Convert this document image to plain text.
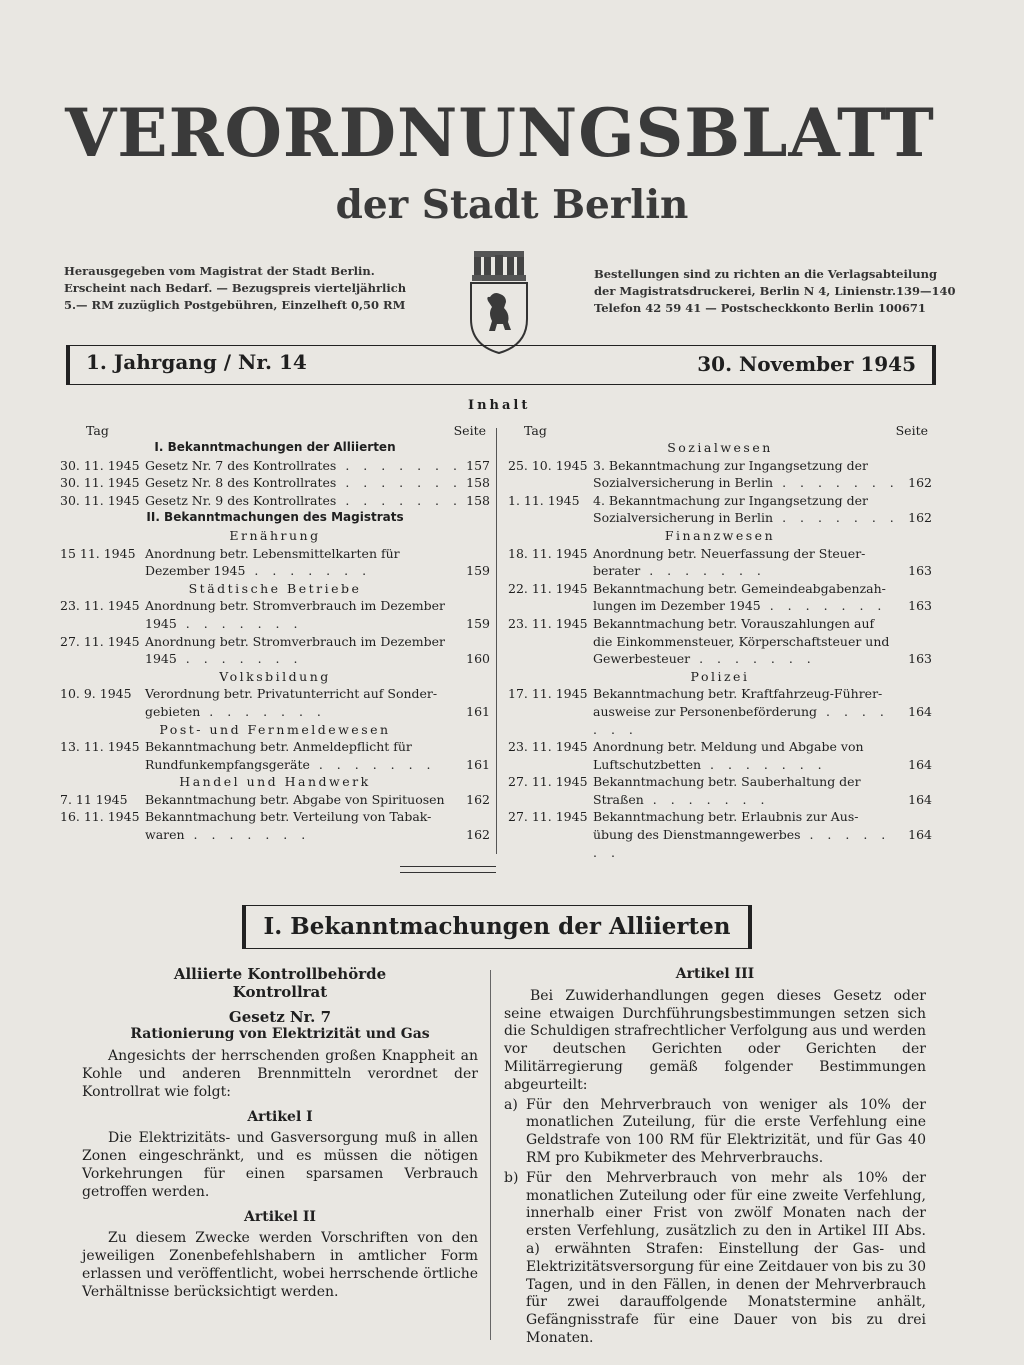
VERORDNUNGSBLATT
der Stadt Berlin
Herausgegeben vom Magistrat der Stadt Berlin.
Erscheint nach Bedarf. — Bezugspreis vierteljährlich
5.— RM zuzüglich Postgebühren, Einzelheft 0,50 RM
Bestellungen sind zu richten an die Verlagsabteilung
der Magistratsdruckerei, Berlin N 4, Linienstr.139—140
Telefon 42 59 41 — Postscheckkonto Berlin 100671
1. Jahrgang / Nr. 14	30. November 1945
Inhalt
Tag	Seite
I. Bekanntmachungen der Alliierten
30. 11. 1945 Gesetz Nr. 7 des Kontrollrates . . . . . . . 157
30. 11. 1945 Gesetz Nr. 8 des Kontrollrates . . . . . . . 158
30. 11. 1945 Gesetz Nr. 9 des Kontrollrates . . . . . . . 158
II. Bekanntmachungen des Magistrats
Ernährung
15 11. 1945 Anordnung betr. Lebensmittelkarten für
Dezember 1945 . . . . . . .	159
Städtische Betriebe
23. 11. 1945 Anordnung betr. Stromverbrauch im Dezember
1945 . . . . . . .	159
27. 11. 1945 Anordnung betr. Stromverbrauch im Dezember
1945 . . . . . . .	160
Volksbildung
10. 9. 1945	Verordnung betr. Privatunterricht auf Sonder-
gebieten . . . . . . .	161
Post- und Fernmeldewesen
13. 11. 1945 Bekanntmachung betr. Anmeldepflicht für
Rundfunkempfangsgeräte . . . . . . .	161
Handel und Handwerk
7. 11 1945	Bekanntmachung betr. Abgabe von Spirituosen	162
16. 11. 1945 Bekanntmachung betr. Verteilung von Tabak-
waren . . . . . . .	162
Tag	Seite
Sozialwesen
25. 10. 1945 3. Bekanntmachung zur Ingangsetzung der
Sozialversicherung in Berlin . . . . . . . 162
1. 11. 1945	4. Bekanntmachung zur Ingangsetzung der
Sozialversicherung in Berlin . . . . . . . 162
Finanzwesen
18. 11. 1945 Anordnung betr. Neuerfassung der Steuer-
berater . . . . . . .	163
22. 11. 1945 Bekanntmachung betr. Gemeindeabgabenzah-
lungen im Dezember 1945 . . . . . . .	163
23. 11. 1945 Bekanntmachung betr. Vorauszahlungen auf
die Einkommensteuer, Körperschaftsteuer und
Gewerbesteuer . . . . . . .	163
Polizei
17. 11. 1945 Bekanntmachung betr. Kraftfahrzeug-Führer-
ausweise zur Personenbeförderung . . . . . . .
164
23. 11. 1945 Anordnung betr. Meldung und Abgabe von
Luftschutzbetten . . . . . . .	164
27. 11. 1945 Bekanntmachung betr. Sauberhaltung der
Straßen . . . . . . .	164
27. 11. 1945 Bekanntmachung betr. Erlaubnis zur Aus-
übung des Dienstmanngewerbes . . . . . . .
164
I. Bekanntmachungen der Alliierten
Alliierte Kontrollbehörde
Kontrollrat
Gesetz Nr. 7
Rationierung von Elektrizität und Gas

Angesichts der herrschenden großen Knappheit an Kohle und anderen Brennmitteln verordnet der Kontrollrat wie folgt:

Artikel I

Die Elektrizitäts- und Gasversorgung muß in allen Zonen eingeschränkt, und es müssen die nötigen Vorkehrungen für einen sparsamen Verbrauch getroffen werden.

Artikel II

Zu diesem Zwecke werden Vorschriften von den jeweiligen Zonenbefehlshabern in amtlicher Form erlassen und veröffentlicht, wobei herrschende örtliche Verhältnisse berücksichtigt werden.

Artikel III

Bei Zuwiderhandlungen gegen dieses Gesetz oder seine etwaigen Durchführungsbestimmungen setzen sich die Schuldigen strafrechtlicher Verfolgung aus und werden vor deutschen Gerichten oder Gerichten der Militärregierung gemäß folgender Bestimmungen abgeurteilt:

a) Für den Mehrverbrauch von weniger als 10% der monatlichen Zuteilung, für die erste Verfehlung eine Geldstrafe von 100 RM für Elektrizität, und für Gas 40 RM pro Kubikmeter des Mehrverbrauchs.
b) Für den Mehrverbrauch von mehr als 10% der monatlichen Zuteilung oder für eine zweite Verfehlung, innerhalb einer Frist von zwölf Monaten nach der ersten Verfehlung, zusätzlich zu den in Artikel III Abs. a) erwähnten Strafen: Einstellung der Gas- und Elektrizitätsversorgung für eine Zeitdauer von bis zu 30 Tagen, und in den Fällen, in denen der Mehrverbrauch für zwei darauffolgende Monatstermine anhält, Gefängnisstrafe für eine Dauer von bis zu drei Monaten.
